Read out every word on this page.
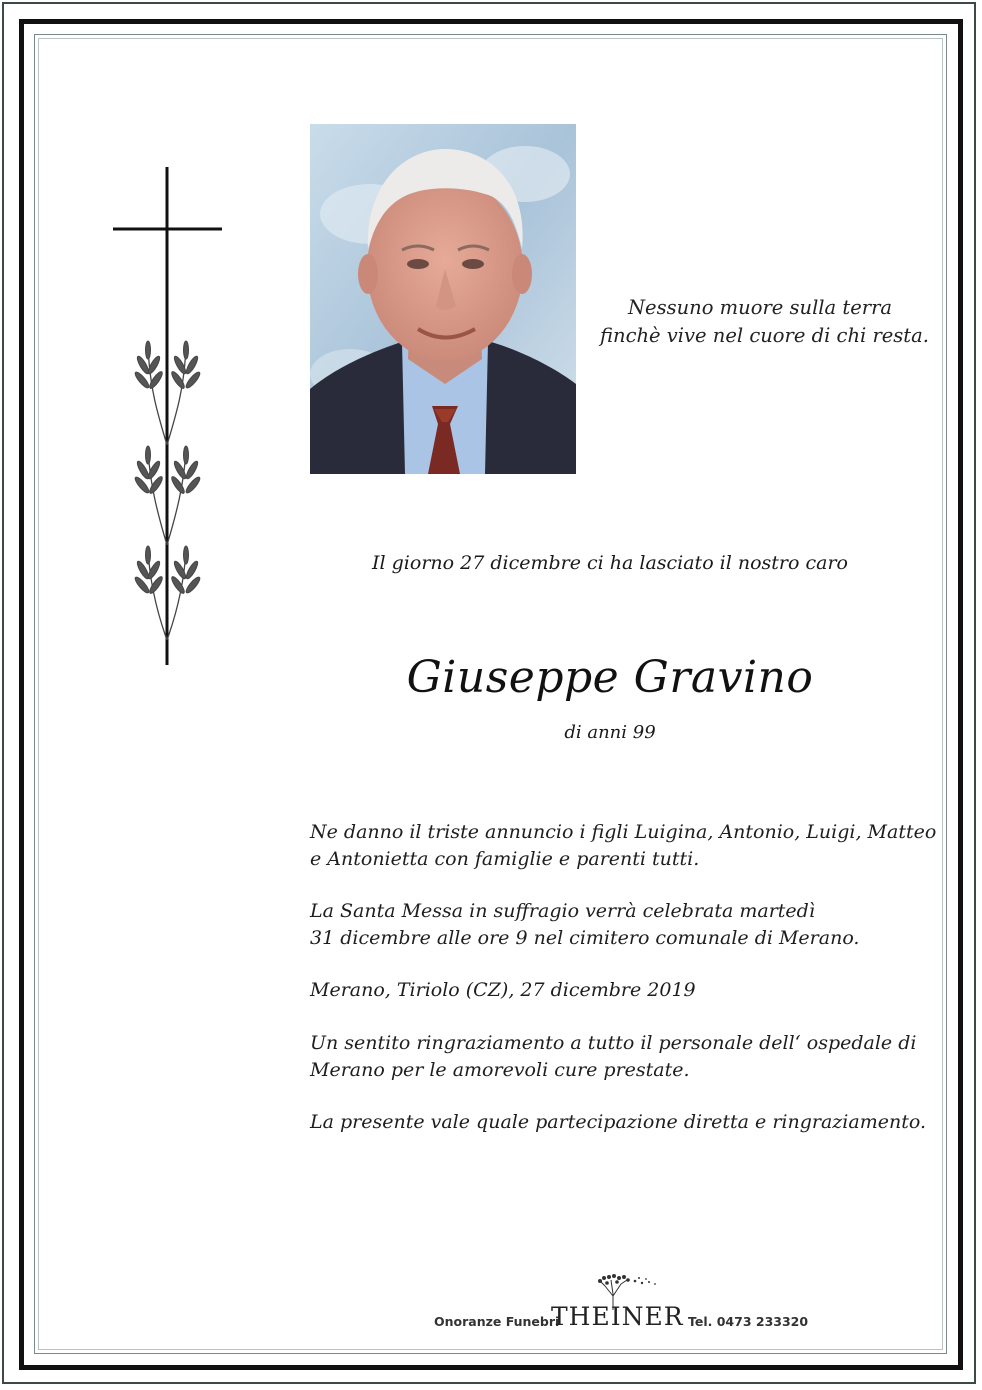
Nessuno muore sulla terra
finchè vive nel cuore di chi resta.
Il giorno 27 dicembre ci ha lasciato il nostro caro
Giuseppe Gravino
di anni 99
Ne danno il triste annuncio i figli Luigina, Antonio, Luigi, Matteo
e Antonietta con famiglie e parenti tutti.
La Santa Messa in suffragio verrà celebrata martedì
31 dicembre alle ore 9 nel cimitero comunale di Merano.
Merano, Tiriolo (CZ), 27 dicembre 2019
Un sentito ringraziamento a tutto il personale dell‘ ospedale di
Merano per le amorevoli cure prestate.
La presente vale quale partecipazione diretta e ringraziamento.
Onoranze Funebri
THEINER Tel. 0473 233320
